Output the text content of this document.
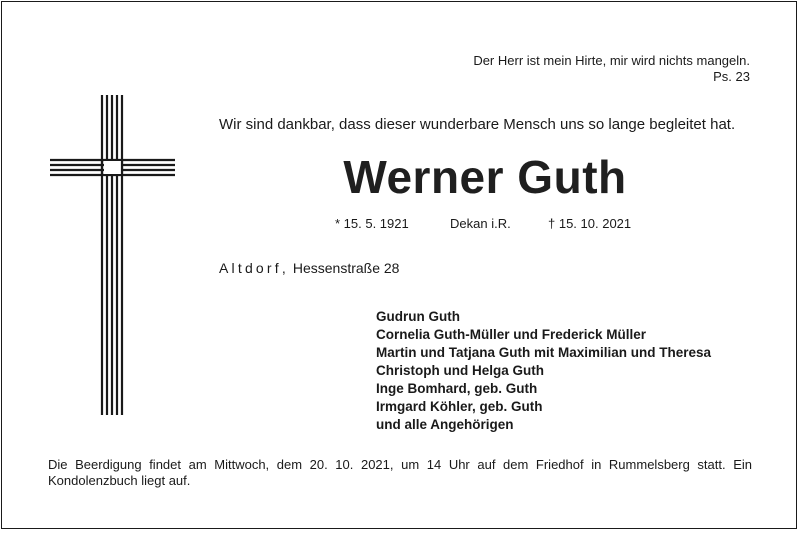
Der Herr ist mein Hirte, mir wird nichts mangeln.
Ps. 23
Wir sind dankbar, dass dieser wunderbare Mensch uns so lange begleitet hat.
Werner Guth
* 15. 5. 1921	Dekan i.R.	† 15. 10. 2021
Altdorf, Hessenstraße 28
Gudrun Guth
Cornelia Guth-Müller und Frederick Müller
Martin und Tatjana Guth mit Maximilian und Theresa
Christoph und Helga Guth
Inge Bomhard, geb. Guth
Irmgard Köhler, geb. Guth
und alle Angehörigen
Die Beerdigung findet am Mittwoch, dem 20. 10. 2021, um 14 Uhr auf dem Friedhof in Rummelsberg statt. Ein Kondolenzbuch liegt auf.
